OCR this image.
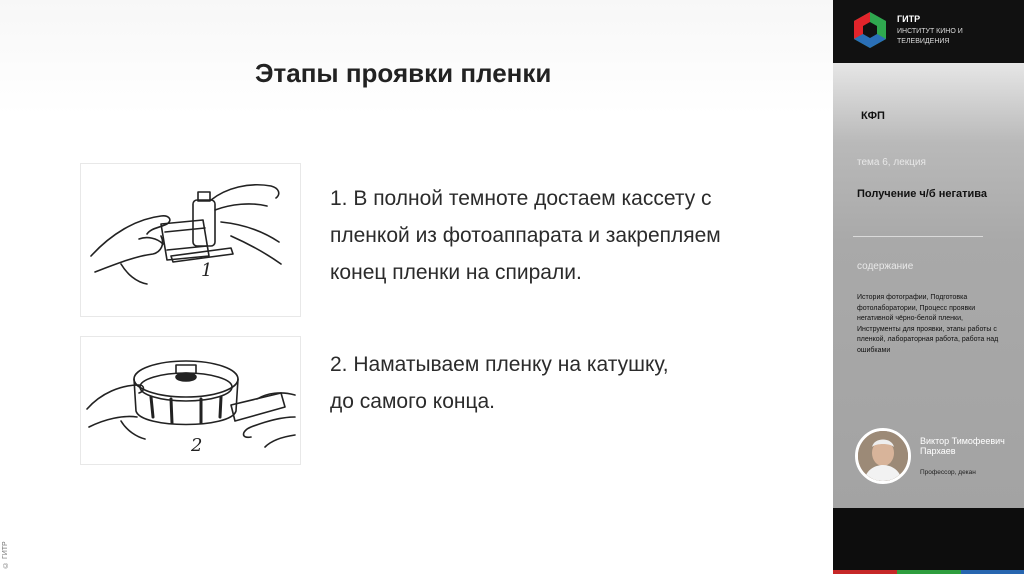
Этапы проявки пленки
1
2
1. В полной темноте достаем кассету с
пленкой из фотоаппарата и закрепляем
конец пленки на спирали.
2. Наматываем пленку на катушку,
до самого конца.
© ГИТР
ГИТР
ИНСТИТУТ КИНО И ТЕЛЕВИДЕНИЯ
КФП
тема 6, лекция
Получение ч/б негатива
содержание
История фотографии, Подготовка фотолаборатории, Процесс проявки негативной чёрно-белой пленки, Инструменты для проявки, этапы работы с пленкой, лабораторная работа, работа над ошибками
Виктор Тимофеевич Пархаев
Профессор, декан
